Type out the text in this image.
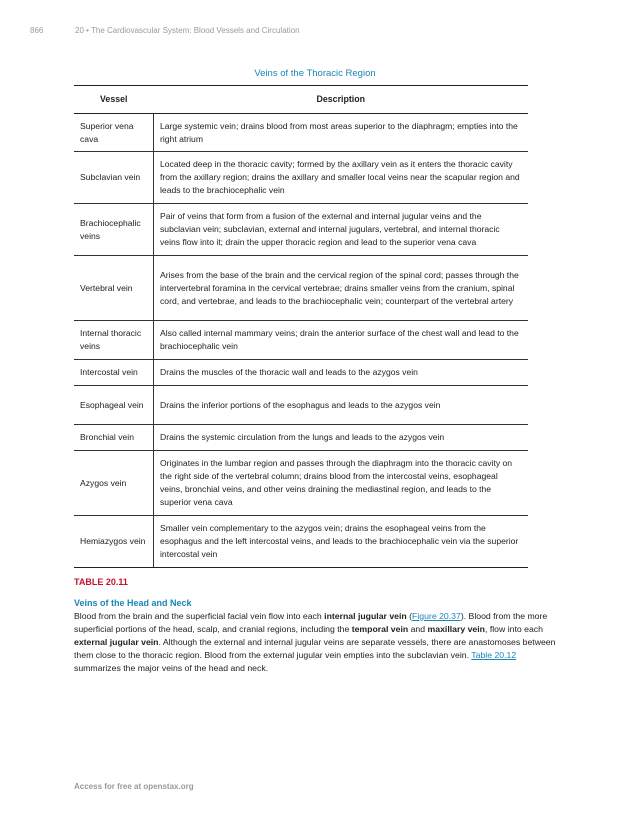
866	20 • The Cardiovascular System: Blood Vessels and Circulation
Veins of the Thoracic Region
Vessel	Description
Superior vena cava	Large systemic vein; drains blood from most areas superior to the diaphragm; empties into the right atrium
Subclavian vein	Located deep in the thoracic cavity; formed by the axillary vein as it enters the thoracic cavity from the axillary region; drains the axillary and smaller local veins near the scapular region and leads to the brachiocephalic vein
Brachiocephalic veins	Pair of veins that form from a fusion of the external and internal jugular veins and the subclavian vein; subclavian, external and internal jugulars, vertebral, and internal thoracic veins flow into it; drain the upper thoracic region and lead to the superior vena cava
Vertebral vein	Arises from the base of the brain and the cervical region of the spinal cord; passes through the intervertebral foramina in the cervical vertebrae; drains smaller veins from the cranium, spinal cord, and vertebrae, and leads to the brachiocephalic vein; counterpart of the vertebral artery
Internal thoracic veins	Also called internal mammary veins; drain the anterior surface of the chest wall and lead to the brachiocephalic vein
Intercostal vein	Drains the muscles of the thoracic wall and leads to the azygos vein
Esophageal vein	Drains the inferior portions of the esophagus and leads to the azygos vein
Bronchial vein	Drains the systemic circulation from the lungs and leads to the azygos vein
Azygos vein	Originates in the lumbar region and passes through the diaphragm into the thoracic cavity on the right side of the vertebral column; drains blood from the intercostal veins, esophageal veins, bronchial veins, and other veins draining the mediastinal region, and leads to the superior vena cava
Hemiazygos vein	Smaller vein complementary to the azygos vein; drains the esophageal veins from the esophagus and the left intercostal veins, and leads to the brachiocephalic vein via the superior intercostal vein
TABLE 20.11
Veins of the Head and Neck
Blood from the brain and the superficial facial vein flow into each internal jugular vein (Figure 20.37). Blood from the more superficial portions of the head, scalp, and cranial regions, including the temporal vein and maxillary vein, flow into each external jugular vein. Although the external and internal jugular veins are separate vessels, there are anastomoses between them close to the thoracic region. Blood from the external jugular vein empties into the subclavian vein. Table 20.12 summarizes the major veins of the head and neck.
Access for free at openstax.org
